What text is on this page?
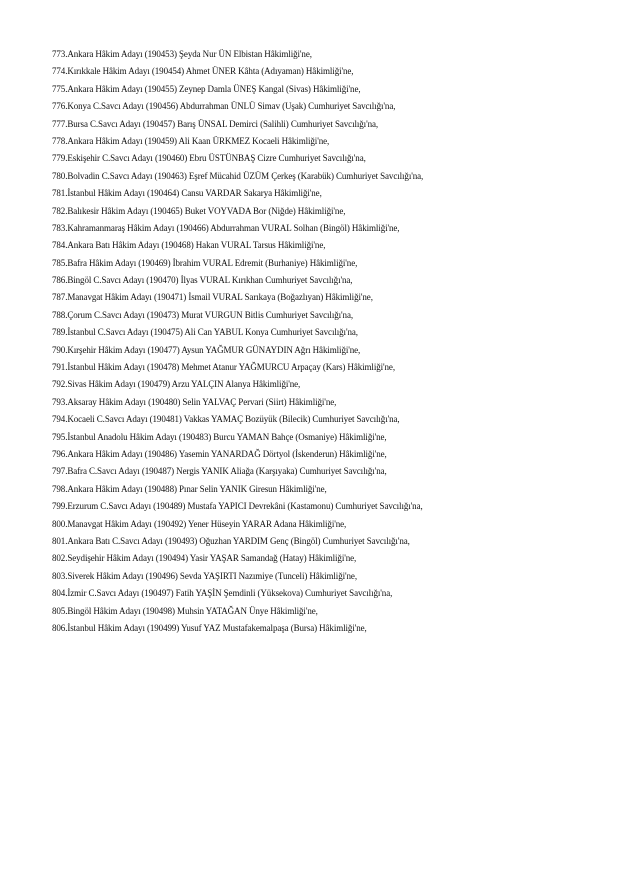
773.Ankara Hâkim Adayı (190453) Şeyda Nur ÜN Elbistan Hâkimliği'ne,
774.Kırıkkale Hâkim Adayı (190454) Ahmet ÜNER Kâhta (Adıyaman) Hâkimliği'ne,
775.Ankara Hâkim Adayı (190455) Zeynep Damla ÜNEŞ Kangal (Sivas) Hâkimliği'ne,
776.Konya C.Savcı Adayı (190456) Abdurrahman ÜNLÜ Simav (Uşak) Cumhuriyet Savcılığı'na,
777.Bursa C.Savcı Adayı (190457) Barış ÜNSAL Demirci (Salihli) Cumhuriyet Savcılığı'na,
778.Ankara Hâkim Adayı (190459) Ali Kaan ÜRKMEZ Kocaeli Hâkimliği'ne,
779.Eskişehir C.Savcı Adayı (190460) Ebru ÜSTÜNBAŞ Cizre Cumhuriyet Savcılığı'na,
780.Bolvadin C.Savcı Adayı (190463) Eşref Mücahid ÜZÜM Çerkeş (Karabük) Cumhuriyet Savcılığı'na,
781.İstanbul Hâkim Adayı (190464) Cansu VARDAR Sakarya Hâkimliği'ne,
782.Balıkesir Hâkim Adayı (190465) Buket VOYVADA Bor (Niğde) Hâkimliği'ne,
783.Kahramanmaraş Hâkim Adayı (190466) Abdurrahman VURAL Solhan (Bingöl) Hâkimliği'ne,
784.Ankara Batı Hâkim Adayı (190468) Hakan VURAL Tarsus Hâkimliği'ne,
785.Bafra Hâkim Adayı (190469) İbrahim VURAL Edremit (Burhaniye) Hâkimliği'ne,
786.Bingöl C.Savcı Adayı (190470) İlyas VURAL Kırıkhan Cumhuriyet Savcılığı'na,
787.Manavgat Hâkim Adayı (190471) İsmail VURAL Sarıkaya (Boğazlıyan) Hâkimliği'ne,
788.Çorum C.Savcı Adayı (190473) Murat VURGUN Bitlis Cumhuriyet Savcılığı'na,
789.İstanbul C.Savcı Adayı (190475) Ali Can YABUL Konya Cumhuriyet Savcılığı'na,
790.Kırşehir Hâkim Adayı (190477) Aysun YAĞMUR GÜNAYDIN Ağrı Hâkimliği'ne,
791.İstanbul Hâkim Adayı (190478) Mehmet Atanur YAĞMURCU Arpaçay (Kars) Hâkimliği'ne,
792.Sivas Hâkim Adayı (190479) Arzu YALÇIN Alanya Hâkimliği'ne,
793.Aksaray Hâkim Adayı (190480) Selin YALVAÇ Pervari (Siirt) Hâkimliği'ne,
794.Kocaeli C.Savcı Adayı (190481) Vakkas YAMAÇ Bozüyük (Bilecik) Cumhuriyet Savcılığı'na,
795.İstanbul Anadolu Hâkim Adayı (190483) Burcu YAMAN Bahçe (Osmaniye) Hâkimliği'ne,
796.Ankara Hâkim Adayı (190486) Yasemin YANARDAĞ Dörtyol (İskenderun) Hâkimliği'ne,
797.Bafra C.Savcı Adayı (190487) Nergis YANIK Aliağa (Karşıyaka) Cumhuriyet Savcılığı'na,
798.Ankara Hâkim Adayı (190488) Pınar Selin YANIK Giresun Hâkimliği'ne,
799.Erzurum C.Savcı Adayı (190489) Mustafa YAPICI Devrekâni (Kastamonu) Cumhuriyet Savcılığı'na,
800.Manavgat Hâkim Adayı (190492) Yener Hüseyin YARAR Adana Hâkimliği'ne,
801.Ankara Batı C.Savcı Adayı (190493) Oğuzhan YARDIM Genç (Bingöl) Cumhuriyet Savcılığı'na,
802.Seydişehir Hâkim Adayı (190494) Yasir YAŞAR Samandağ (Hatay) Hâkimliği'ne,
803.Siverek Hâkim Adayı (190496) Sevda YAŞIRTI Nazımiye (Tunceli) Hâkimliği'ne,
804.İzmir C.Savcı Adayı (190497) Fatih YAŞİN Şemdinli (Yüksekova) Cumhuriyet Savcılığı'na,
805.Bingöl Hâkim Adayı (190498) Muhsin YATAĞAN Ünye Hâkimliği'ne,
806.İstanbul Hâkim Adayı (190499) Yusuf YAZ Mustafakemalpaşa (Bursa) Hâkimliği'ne,
